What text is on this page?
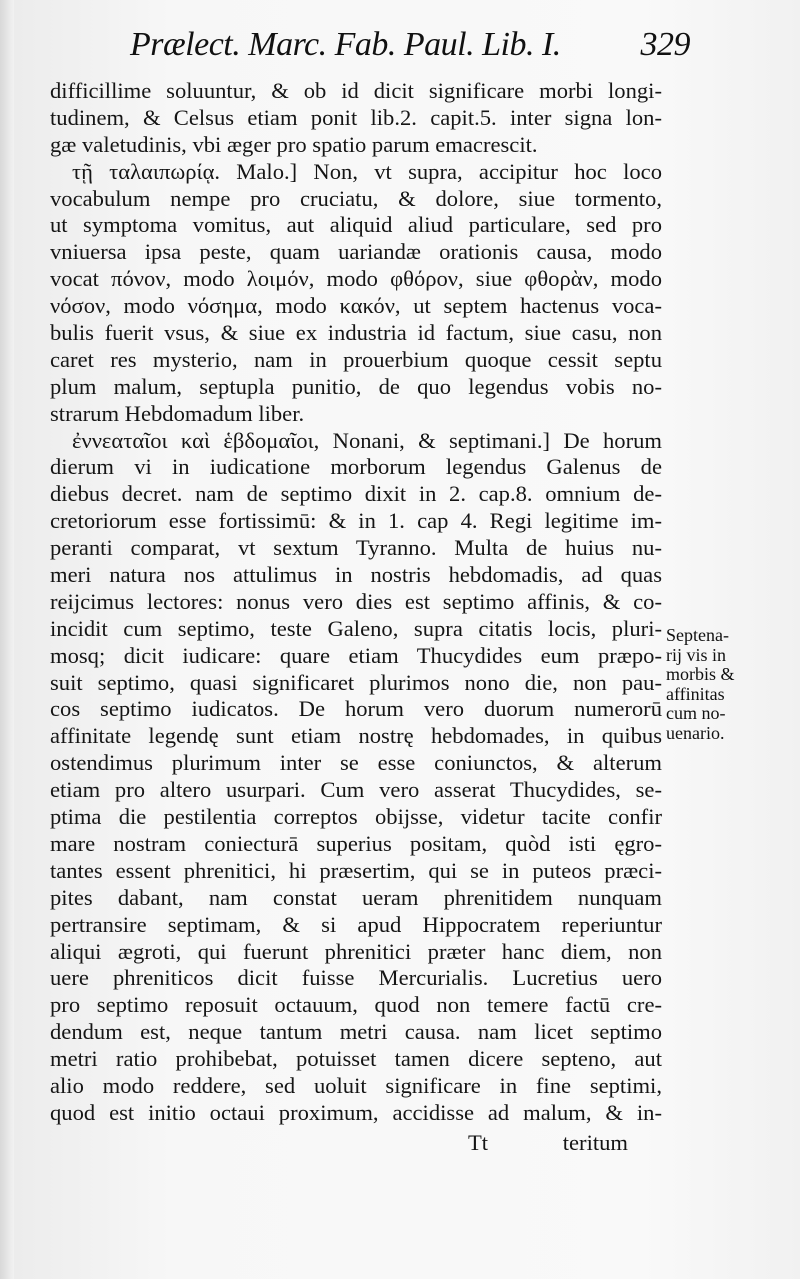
Prælect. Marc. Fab. Paul. Lib. I. 329
difficillime soluuntur, & ob id dicit significare morbi longi-
tudinem, & Celsus etiam ponit lib.2. capit.5. inter signa lon-
gæ valetudinis, vbi æger pro spatio parum emacrescit.
τῇ ταλαιπωρίᾳ. Malo.] Non, vt supra, accipitur hoc loco
vocabulum nempe pro cruciatu, & dolore, siue tormento,
ut symptoma vomitus, aut aliquid aliud particulare, sed pro
vniuersa ipsa peste, quam uariandæ orationis causa, modo
vocat πόνον, modo λοιμόν, modo φθόρον, siue φθορὰν, modo
νόσον, modo νόσημα, modo κακόν, ut septem hactenus voca-
bulis fuerit vsus, & siue ex industria id factum, siue casu, non
caret res mysterio, nam in prouerbium quoque cessit septu
plum malum, septupla punitio, de quo legendus vobis no-
strarum Hebdomadum liber.
ἐννεαταῖοι καὶ ἑβδομαῖοι, Nonani, & septimani.] De horum
dierum vi in iudicatione morborum legendus Galenus de
diebus decret. nam de septimo dixit in 2. cap.8. omnium de-
cretoriorum esse fortissimū: & in 1. cap 4. Regi legitime im-
peranti comparat, vt sextum Tyranno. Multa de huius nu-
meri natura nos attulimus in nostris hebdomadis, ad quas
reijcimus lectores: nonus vero dies est septimo affinis, & co-
incidit cum septimo, teste Galeno, supra citatis locis, pluri-
mosq; dicit iudicare: quare etiam Thucydides eum præpo-
suit septimo, quasi significaret plurimos nono die, non pau-
cos septimo iudicatos. De horum vero duorum numerorū
affinitate legendę sunt etiam nostrę hebdomades, in quibus
ostendimus plurimum inter se esse coniunctos, & alterum
etiam pro altero usurpari. Cum vero asserat Thucydides, se-
ptima die pestilentia correptos obijsse, videtur tacite confir
mare nostram coniecturā superius positam, quòd isti ęgro-
tantes essent phrenitici, hi præsertim, qui se in puteos præci-
pites dabant, nam constat ueram phrenitidem nunquam
pertransire septimam, & si apud Hippocratem reperiuntur
aliqui ægroti, qui fuerunt phrenitici præter hanc diem, non
uere phreniticos dicit fuisse Mercurialis. Lucretius uero
pro septimo reposuit octauum, quod non temere factū cre-
dendum est, neque tantum metri causa. nam licet septimo
metri ratio prohibebat, potuisset tamen dicere septeno, aut
alio modo reddere, sed uoluit significare in fine septimi,
quod est initio octaui proximum, accidisse ad malum, & in-
Septena-
rij vis in
morbis &
affinitas
cum no-
uenario.
Tt	teritum
